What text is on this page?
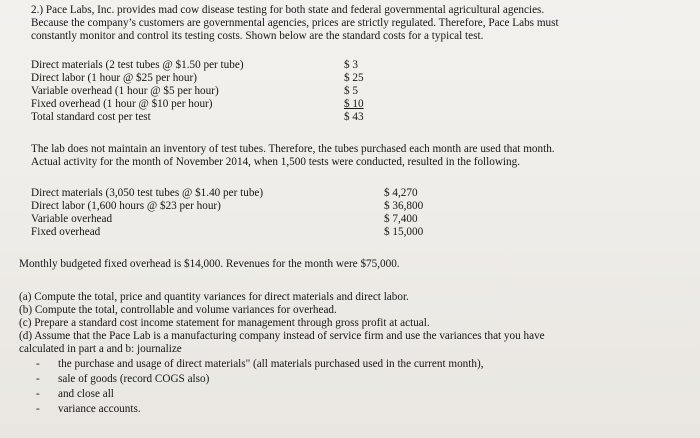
2.) Pace Labs, Inc. provides mad cow disease testing for both state and federal governmental agricultural agencies.
Because the company’s customers are governmental agencies, prices are strictly regulated. Therefore, Pace Labs must
constantly monitor and control its testing costs. Shown below are the standard costs for a typical test.
Direct materials (2 test tubes @ $1.50 per tube)	$ 3
Direct labor (1 hour @ $25 per hour)	$ 25
Variable overhead (1 hour @ $5 per hour)	$ 5
Fixed overhead (1 hour @ $10 per hour)	$ 10
Total standard cost per test	$ 43
The lab does not maintain an inventory of test tubes. Therefore, the tubes purchased each month are used that month.
Actual activity for the month of November 2014, when 1,500 tests were conducted, resulted in the following.
Direct materials (3,050 test tubes @ $1.40 per tube)	$ 4,270
Direct labor (1,600 hours @ $23 per hour)	$ 36,800
Variable overhead	$ 7,400
Fixed overhead	$ 15,000
Monthly budgeted fixed overhead is $14,000. Revenues for the month were $75,000.
(a) Compute the total, price and quantity variances for direct materials and direct labor.
(b) Compute the total, controllable and volume variances for overhead.
(c) Prepare a standard cost income statement for management through gross profit at actual.
(d) Assume that the Pace Lab is a manufacturing company instead of service firm and use the variances that you have
calculated in part a and b: journalize
- the purchase and usage of direct materials" (all materials purchased used in the current month),
- sale of goods (record COGS also)
- and close all
- variance accounts.
